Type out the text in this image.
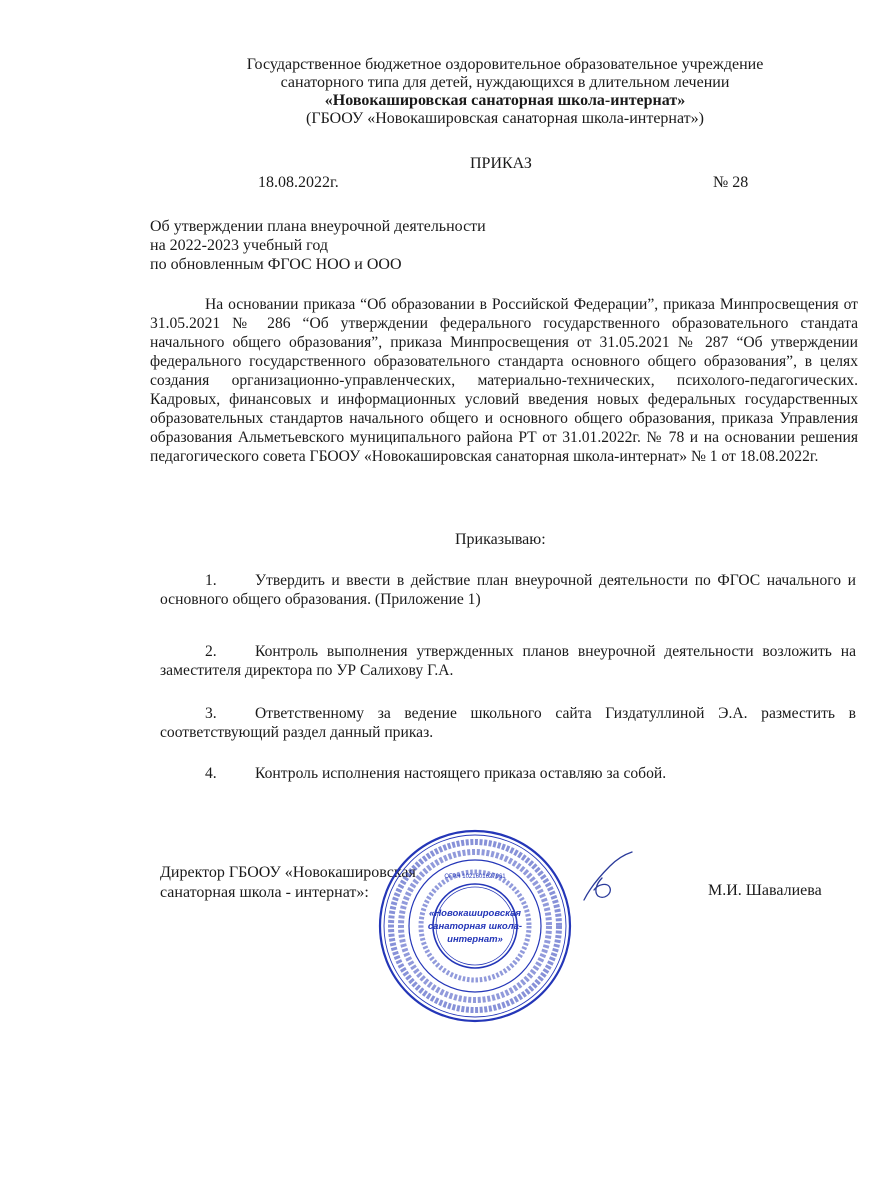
Государственное бюджетное оздоровительное образовательное учреждение
санаторного типа для детей, нуждающихся в длительном лечении
«Новокашировская санаторная школа-интернат»
(ГБООУ «Новокашировская санаторная школа-интернат»)
ПРИКАЗ
18.08.2022г.	№ 28
Об утверждении плана внеурочной деятельности
на 2022-2023 учебный год
по обновленным ФГОС НОО и ООО
На основании приказа “Об образовании в Российской Федерации”, приказа Минпросвещения от 31.05.2021 № 286 “Об утверждении федерального государственного образовательного стандата начального общего образования”, приказа Минпросвещения от 31.05.2021 № 287 “Об утверждении федерального государственного образовательного стандарта основного общего образования”, в целях создания организационно-управленческих, материально-технических, психолого-педагогических. Кадровых, финансовых и информационных условий введения новых федеральных государственных образовательных стандартов начального общего и основного общего образования, приказа Управления образования Альметьевского муниципального района РТ от 31.01.2022г. № 78 и на основании решения педагогического совета ГБООУ «Новокашировская санаторная школа-интернат» № 1 от 18.08.2022г.
Приказываю:
1. Утвердить и ввести в действие план внеурочной деятельности по ФГОС начального и основного общего образования. (Приложение 1)
2. Контроль выполнения утвержденных планов внеурочной деятельности возложить на заместителя директора по УР Салихову Г.А.
3. Ответственному за ведение школьного сайта Гиздатуллиной Э.А. разместить в соответствующий раздел данный приказ.
4. Контроль исполнения настоящего приказа оставляю за собой.
Директор ГБООУ «Новокашировская
санаторная школа - интернат»:
«Новокашировская
санаторная школа-
интернат»
ОГРН 1021601627961
М.И. Шавалиева
